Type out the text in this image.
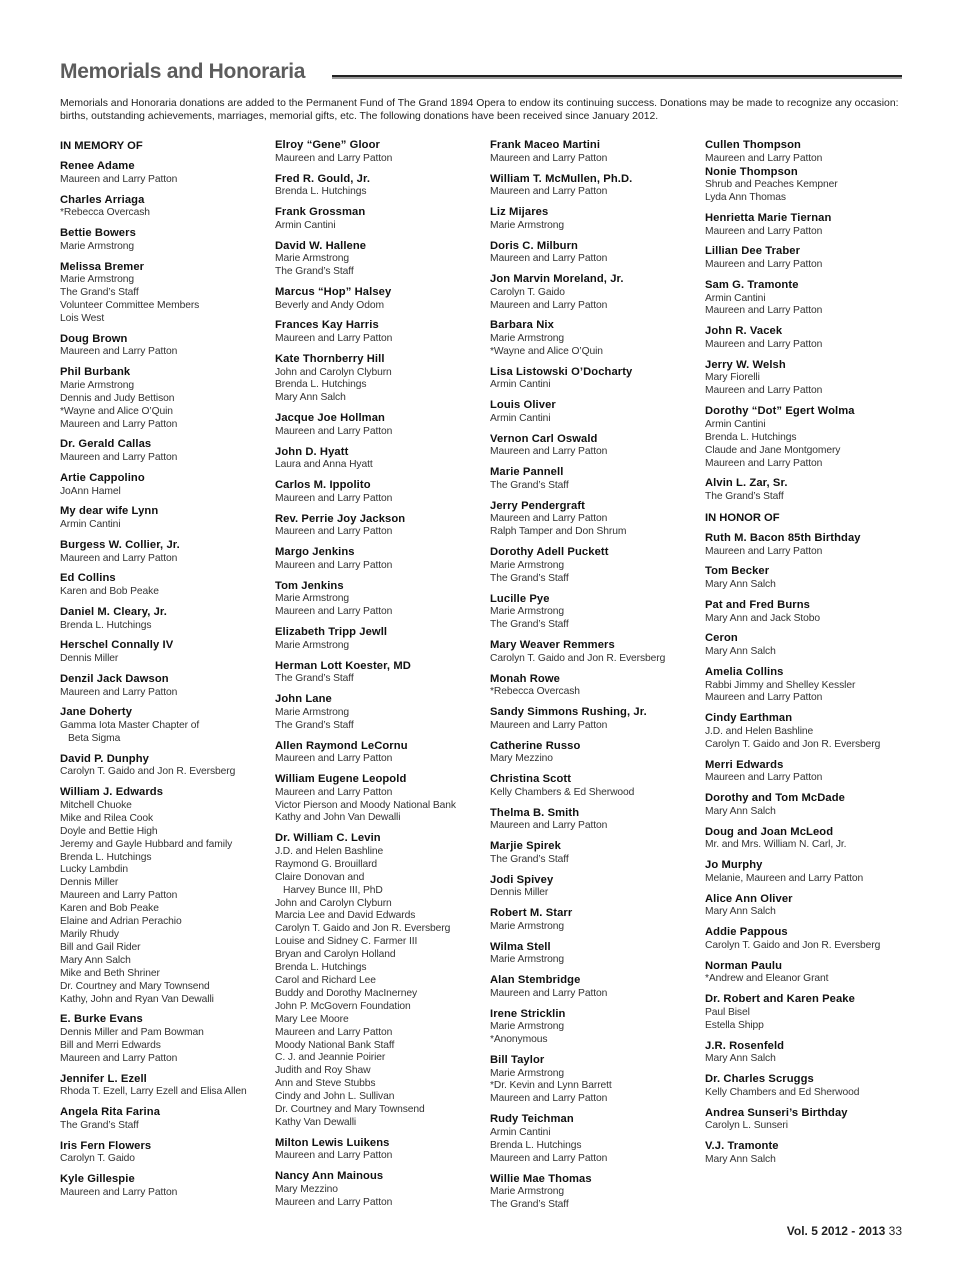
Memorials and Honoraria
Memorials and Honoraria donations are added to the Permanent Fund of The Grand 1894 Opera to endow its continuing success. Donations may be made to recognize any occasion: births, outstanding achievements, marriages, memorial gifts, etc. The following donations have been received since January 2012.
IN MEMORY OF
Renee Adame
Maureen and Larry Patton
Charles Arriaga
*Rebecca Overcash
Bettie Bowers
Marie Armstrong
Melissa Bremer
Marie Armstrong
The Grand’s Staff
Volunteer Committee Members
Lois West
Doug Brown
Maureen and Larry Patton
Phil Burbank
Marie Armstrong
Dennis and Judy Bettison
*Wayne and Alice O’Quin
Maureen and Larry Patton
Dr. Gerald Callas
Maureen and Larry Patton
Artie Cappolino
JoAnn Hamel
My dear wife Lynn
Armin Cantini
Burgess W. Collier, Jr.
Maureen and Larry Patton
Ed Collins
Karen and Bob Peake
Daniel M. Cleary, Jr.
Brenda L. Hutchings
Herschel Connally IV
Dennis Miller
Denzil Jack Dawson
Maureen and Larry Patton
Jane Doherty
Gamma Iota Master Chapter of
Beta Sigma
David P. Dunphy
Carolyn T. Gaido and Jon R. Eversberg
William J. Edwards
Mitchell Chuoke
Mike and Rilea Cook
Doyle and Bettie High
Jeremy and Gayle Hubbard and family
Brenda L. Hutchings
Lucky Lambdin
Dennis Miller
Maureen and Larry Patton
Karen and Bob Peake
Elaine and Adrian Perachio
Marily Rhudy
Bill and Gail Rider
Mary Ann Salch
Mike and Beth Shriner
Dr. Courtney and Mary Townsend
Kathy, John and Ryan Van Dewalli
E. Burke Evans
Dennis Miller and Pam Bowman
Bill and Merri Edwards
Maureen and Larry Patton
Jennifer L. Ezell
Rhoda T. Ezell, Larry Ezell and Elisa Allen
Angela Rita Farina
The Grand’s Staff
Iris Fern Flowers
Carolyn T. Gaido
Kyle Gillespie
Maureen and Larry Patton
Elroy “Gene” Gloor
Maureen and Larry Patton
Fred R. Gould, Jr.
Brenda L. Hutchings
Frank Grossman
Armin Cantini
David W. Hallene
Marie Armstrong
The Grand’s Staff
Marcus “Hop” Halsey
Beverly and Andy Odom
Frances Kay Harris
Maureen and Larry Patton
Kate Thornberry Hill
John and Carolyn Clyburn
Brenda L. Hutchings
Mary Ann Salch
Jacque Joe Hollman
Maureen and Larry Patton
John D. Hyatt
Laura and Anna Hyatt
Carlos M. Ippolito
Maureen and Larry Patton
Rev. Perrie Joy Jackson
Maureen and Larry Patton
Margo Jenkins
Maureen and Larry Patton
Tom Jenkins
Marie Armstrong
Maureen and Larry Patton
Elizabeth Tripp Jewll
Marie Armstrong
Herman Lott Koester, MD
The Grand’s Staff
John Lane
Marie Armstrong
The Grand’s Staff
Allen Raymond LeCornu
Maureen and Larry Patton
William Eugene Leopold
Maureen and Larry Patton
Victor Pierson and Moody National Bank
Kathy and John Van Dewalli
Dr. William C. Levin
J.D. and Helen Bashline
Raymond G. Brouillard
Claire Donovan and
Harvey Bunce III, PhD
John and Carolyn Clyburn
Marcia Lee and David Edwards
Carolyn T. Gaido and Jon R. Eversberg
Louise and Sidney C. Farmer III
Bryan and Carolyn Holland
Brenda L. Hutchings
Carol and Richard Lee
Buddy and Dorothy MacInerney
John P. McGovern Foundation
Mary Lee Moore
Maureen and Larry Patton
Moody National Bank Staff
C. J. and Jeannie Poirier
Judith and Roy Shaw
Ann and Steve Stubbs
Cindy and John L. Sullivan
Dr. Courtney and Mary Townsend
Kathy Van Dewalli
Milton Lewis Luikens
Maureen and Larry Patton
Nancy Ann Mainous
Mary Mezzino
Maureen and Larry Patton
Frank Maceo Martini
Maureen and Larry Patton
William T. McMullen, Ph.D.
Maureen and Larry Patton
Liz Mijares
Marie Armstrong
Doris C. Milburn
Maureen and Larry Patton
Jon Marvin Moreland, Jr.
Carolyn T. Gaido
Maureen and Larry Patton
Barbara Nix
Marie Armstrong
*Wayne and Alice O’Quin
Lisa Listowski O’Docharty
Armin Cantini
Louis Oliver
Armin Cantini
Vernon Carl Oswald
Maureen and Larry Patton
Marie Pannell
The Grand’s Staff
Jerry Pendergraft
Maureen and Larry Patton
Ralph Tamper and Don Shrum
Dorothy Adell Puckett
Marie Armstrong
The Grand’s Staff
Lucille Pye
Marie Armstrong
The Grand’s Staff
Mary Weaver Remmers
Carolyn T. Gaido and Jon R. Eversberg
Monah Rowe
*Rebecca Overcash
Sandy Simmons Rushing, Jr.
Maureen and Larry Patton
Catherine Russo
Mary Mezzino
Christina Scott
Kelly Chambers & Ed Sherwood
Thelma B. Smith
Maureen and Larry Patton
Marjie Spirek
The Grand’s Staff
Jodi Spivey
Dennis Miller
Robert M. Starr
Marie Armstrong
Wilma Stell
Marie Armstrong
Alan Stembridge
Maureen and Larry Patton
Irene Stricklin
Marie Armstrong
*Anonymous
Bill Taylor
Marie Armstrong
*Dr. Kevin and Lynn Barrett
Maureen and Larry Patton
Rudy Teichman
Armin Cantini
Brenda L. Hutchings
Maureen and Larry Patton
Willie Mae Thomas
Marie Armstrong
The Grand’s Staff
Cullen Thompson
Maureen and Larry Patton
Nonie Thompson
Shrub and Peaches Kempner
Lyda Ann Thomas
Henrietta Marie Tiernan
Maureen and Larry Patton
Lillian Dee Traber
Maureen and Larry Patton
Sam G. Tramonte
Armin Cantini
Maureen and Larry Patton
John R. Vacek
Maureen and Larry Patton
Jerry W. Welsh
Mary Fiorelli
Maureen and Larry Patton
Dorothy “Dot” Egert Wolma
Armin Cantini
Brenda L. Hutchings
Claude and Jane Montgomery
Maureen and Larry Patton
Alvin L. Zar, Sr.
The Grand’s Staff
IN HONOR OF
Ruth M. Bacon 85th Birthday
Maureen and Larry Patton
Tom Becker
Mary Ann Salch
Pat and Fred Burns
Mary Ann and Jack Stobo
Ceron
Mary Ann Salch
Amelia Collins
Rabbi Jimmy and Shelley Kessler
Maureen and Larry Patton
Cindy Earthman
J.D. and Helen Bashline
Carolyn T. Gaido and Jon R. Eversberg
Merri Edwards
Maureen and Larry Patton
Dorothy and Tom McDade
Mary Ann Salch
Doug and Joan McLeod
Mr. and Mrs. William N. Carl, Jr.
Jo Murphy
Melanie, Maureen and Larry Patton
Alice Ann Oliver
Mary Ann Salch
Addie Pappous
Carolyn T. Gaido and Jon R. Eversberg
Norman Paulu
*Andrew and Eleanor Grant
Dr. Robert and Karen Peake
Paul Bisel
Estella Shipp
J.R. Rosenfeld
Mary Ann Salch
Dr. Charles Scruggs
Kelly Chambers and Ed Sherwood
Andrea Sunseri’s Birthday
Carolyn L. Sunseri
V.J. Tramonte
Mary Ann Salch
Vol. 5 2012 - 2013 33
